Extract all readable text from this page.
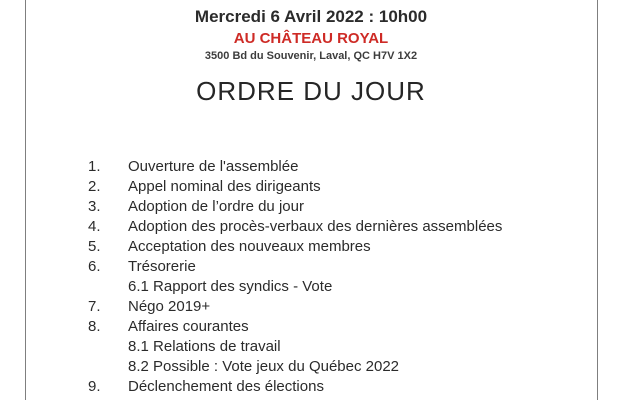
Mercredi 6 Avril 2022 : 10h00
AU CHÂTEAU ROYAL
3500 Bd du Souvenir, Laval, QC H7V 1X2
ORDRE DU JOUR
1.	Ouverture de l'assemblée
2.	Appel nominal des dirigeants
3.	Adoption de l’ordre du jour
4.	Adoption des procès-verbaux des dernières assemblées
5.	Acceptation des nouveaux membres
6.	Trésorerie
6.1 Rapport des syndics - Vote
7.	Négo 2019+
8.	Affaires courantes
8.1 Relations de travail
8.2 Possible : Vote jeux du Québec 2022
9.	Déclenchement des élections
